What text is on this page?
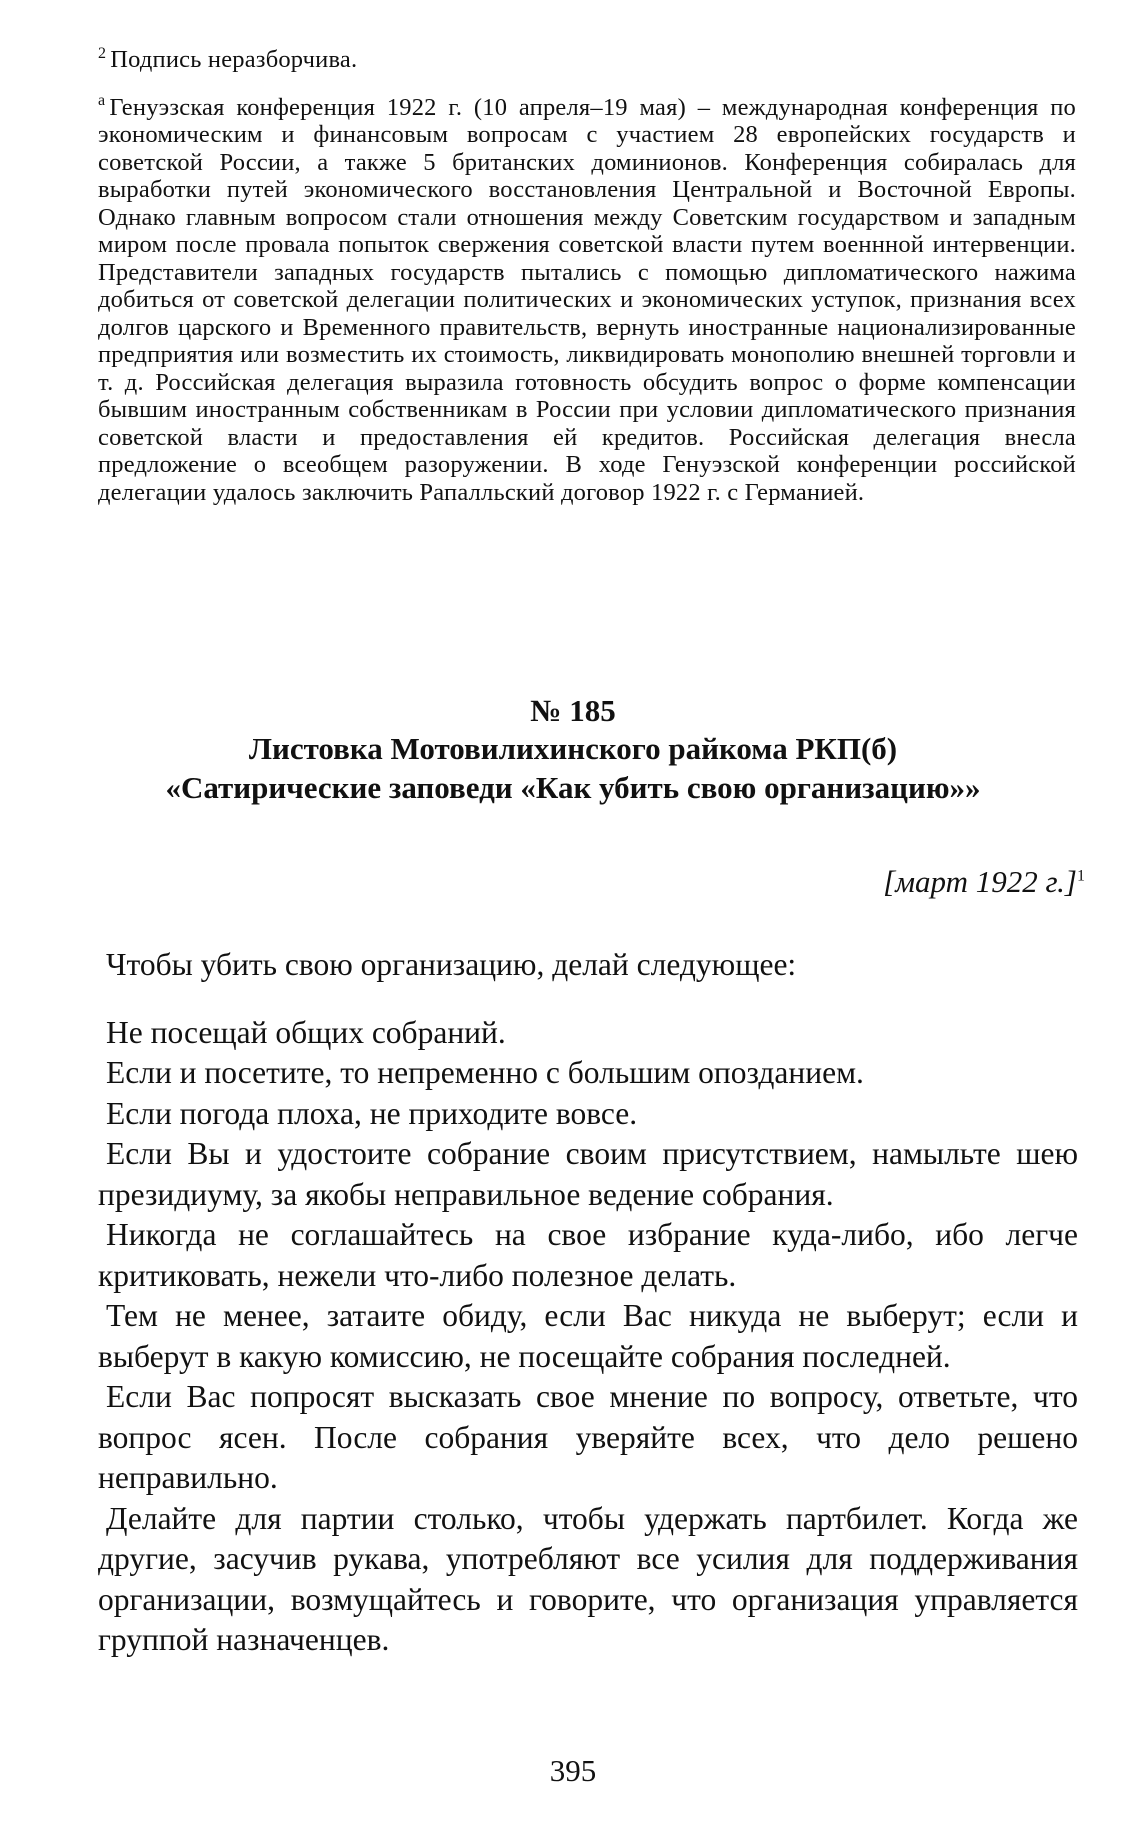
$^2$ Подпись неразборчива.

$^a$ Генуэзская конференция 1922 г. (10 апреля–19 мая) – международная конференция по экономическим и финансовым вопросам с участием 28 европейских государств и советской России, а также 5 британских доминионов. Конференция собиралась для выработки путей экономического восстановления Центральной и Восточной Европы. Однако главным вопросом стали отношения между Советским государством и западным миром после провала попыток свержения советской власти путем военнной интервенции. Представители западных государств пытались с помощью дипломатического нажима добиться от советской делегации политических и экономических уступок, признания всех долгов царского и Временного правительств, вернуть иностранные национализированные предприятия или возместить их стоимость, ликвидировать монополию внешней торговли и т. д. Российская делегация выразила готовность обсудить вопрос о форме компенсации бывшим иностранным собственникам в России при условии дипломатического признания советской власти и предоставления ей кредитов. Российская делегация внесла предложение о всеобщем разоружении. В ходе Генуэзской конференции российской делегации удалось заключить Рапалльский договор 1922 г. с Германией.

№ 185

Листовка Мотовилихинского райкома РКП(б)

«Сатирические заповеди «Как убить свою организацию»»

[март 1922 г.]$^1$

Чтобы убить свою организацию, делай следующее:

Не посещай общих собраний.

Если и посетите, то непременно с большим опозданием.

Если погода плоха, не приходите вовсе.

Если Вы и удостоите собрание своим присутствием, намыльте шею президиуму, за якобы неправильное ведение собрания.

Никогда не соглашайтесь на свое избрание куда-либо, ибо легче критиковать, нежели что-либо полезное делать.

Тем не менее, затаите обиду, если Вас никуда не выберут; если и выберут в какую комиссию, не посещайте собрания последней.

Если Вас попросят высказать свое мнение по вопросу, ответьте, что вопрос ясен. После собрания уверяйте всех, что дело решено неправильно.

Делайте для партии столько, чтобы удержать партбилет. Когда же другие, засучив рукава, употребляют все усилия для поддерживания организации, возмущайтесь и говорите, что организация управляется группой назначенцев.

395
